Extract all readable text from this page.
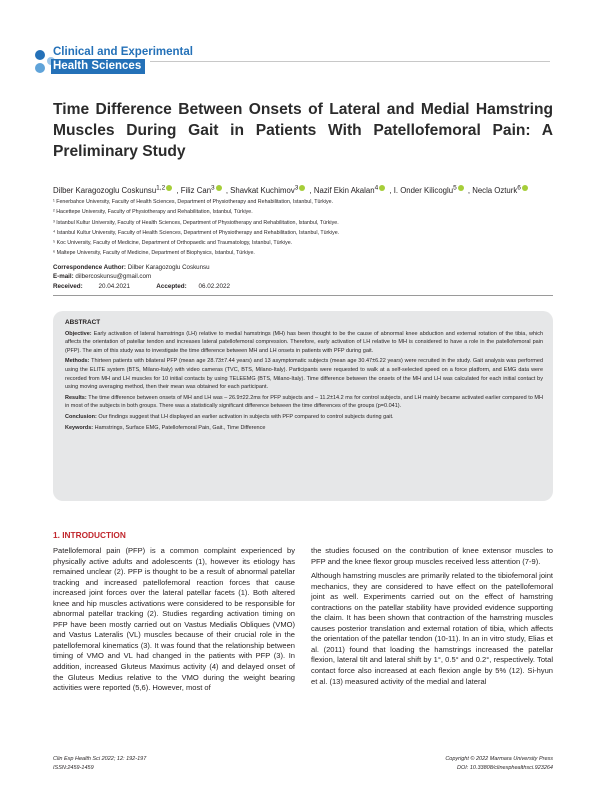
Clinical and Experimental
Health Sciences
Time Difference Between Onsets of Lateral and Medial Hamstring Muscles During Gait in Patients With Patellofemoral Pain: A Preliminary Study
Dilber Karagozoglu Coskunsu$^{1,2}$ , Filiz Can$^3$ , Shavkat Kuchimov$^3$ , Nazif Ekin Akalan$^4$ , I. Onder Kilicoglu$^5$ , Necla Ozturk$^6$
¹ Fenerbahce University, Faculty of Health Sciences, Department of Physiotherapy and Rehabilitation, Istanbul, Türkiye.
² Hacettepe University, Faculty of Physiotherapy and Rehabilitation, Istanbul, Türkiye.
³ Istanbul Kultur University, Faculty of Health Sciences, Department of Physiotherapy and Rehabilitation, Istanbul, Türkiye.
⁴ Istanbul Kultur University, Faculty of Health Sciences, Department of Physiotherapy and Rehabilitation, Istanbul, Türkiye.
⁵ Koc University, Faculty of Medicine, Department of Orthopaedic and Traumatology, Istanbul, Türkiye.
⁶ Maltepe University, Faculty of Medicine, Department of Biophysics, Istanbul, Türkiye.
Correspondence Author: Dilber Karagozoglu Coskunsu
E-mail: dilbercoskunsu@gmail.com
Received:	20.04.2021	Accepted: 06.02.2022
ABSTRACT

Objective: Early activation of lateral hamstrings (LH) relative to medial hamstrings (MH) has been thought to be the cause of abnormal knee abduction and external rotation of the tibia, which affects the orientation of patellar tendon and increases lateral patellofemoral compression. Therefore, early activation of LH relative to MH is considered to have a role in the patellofemoral pain (PFP). The aim of this study was to investigate the time difference between MH and LH onsets in patients with PFP during gait.

Methods: Thirteen patients with bilateral PFP (mean age 28.73±7.44 years) and 13 asymptomatic subjects (mean age 30.47±6.22 years) were recruited in the study. Gait analysis was performed using the ELITE system (BTS, Milano-Italy) with video cameras (TVC, BTS, Milano-Italy). Participants were requested to walk at a self-selected speed on a force platform, and EMG data were recorded from MH and LH muscles for 10 initial contacts by using TELEEMG (BTS, Milano-Italy). Time difference between the onsets of the MH and LH was calculated for each initial contact by using moving averaging method, then their mean was obtained for each participant.

Results: The time difference between onsets of MH and LH was – 26.9±22.2ms for PFP subjects and – 11.2±14.2 ms for control subjects, and LH mainly became activated earlier compared to MH in most of the subjects in both groups. There was a statistically significant difference between the time differences of the groups (p=0.041).

Conclusion: Our findings suggest that LH displayed an earlier activation in subjects with PFP compared to control subjects during gait.

Keywords: Hamstrings, Surface EMG, Patellofemoral Pain, Gait., Time Difference

1. INTRODUCTION

Patellofemoral pain (PFP) is a common complaint experienced by physically active adults and adolescents (1), however its etiology has remained unclear (2). PFP is thought to be a result of abnormal patellar tracking and increased patellofemoral reaction forces that cause increased joint forces over the lateral patellar facets (1). Both altered knee and hip muscles activations were considered to be responsible for abnormal patellar tracking (2). Studies regarding activation timing on PFP have been mostly carried out on Vastus Medialis Obliques (VMO) and Vastus Lateralis (VL) muscles because of their crucial role in the patellofemoral kinematics (3). It was found that the relationship between timing of VMO and VL had changed in the patients with PFP (3). In addition, increased Gluteus Maximus activity (4) and delayed onset of the Gluteus Medius relative to the VMO during the weight bearing activities were reported (5,6). However, most of

the studies focused on the contribution of knee extensor muscles to PFP and the knee flexor group muscles received less attention (7-9).

Although hamstring muscles are primarily related to the tibiofemoral joint mechanics, they are considered to have effect on the patellofemoral joint as well. Experiments carried out on the effect of hamstring contractions on the patellar stability have provided evidence supporting the claim. It has been shown that contraction of the hamstring muscles causes posterior translation and external rotation of tibia, which affects the orientation of the patellar tendon (10-11). In an in vitro study, Elias et al. (2011) found that loading the hamstrings increased the patellar flexion, lateral tilt and lateral shift by 1°, 0.5° and 0.2°, respectively. Total contact force also increased at each flexion angle by 5% (12). Si-hyun et al. (13) measured activity of the medial and lateral

Clin Exp Health Sci 2022; 12: 192-197
ISSN:2459-1459
Copyright © 2022 Marmara University Press
DOI: 10.33808/clinexphealthsci.923264
